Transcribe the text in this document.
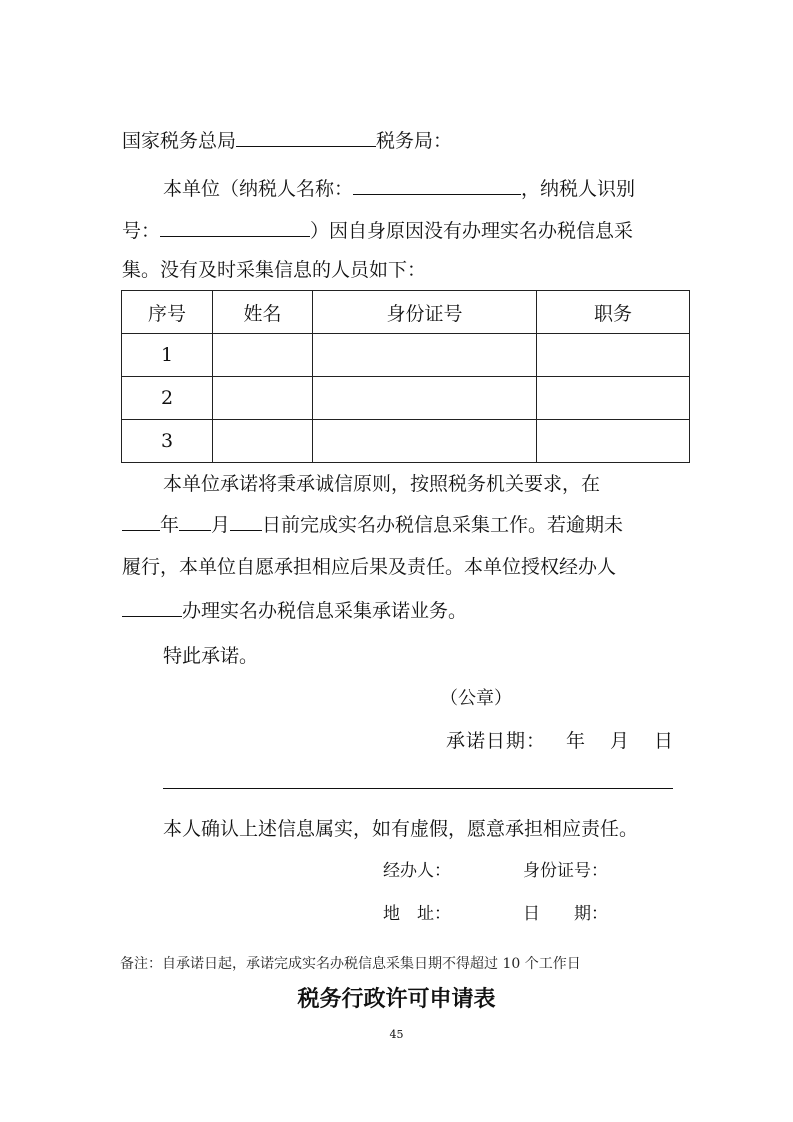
国家税务总局	税务局：
本单位（纳税人名称：	，纳税人识别
号：	）因自身原因没有办理实名办税信息采
集。没有及时采集信息的人员如下：
序号	姓名	身份证号	职务
1			
2			
3			
本单位承诺将秉承诚信原则，按照税务机关要求，在
年 月 日前完成实名办税信息采集工作。若逾期未
履行，本单位自愿承担相应后果及责任。本单位授权经办人
办理实名办税信息采集承诺业务。
特此承诺。
（公章）
承诺日期： 年 月 日
本人确认上述信息属实，如有虚假，愿意承担相应责任。
经办人：	身份证号：
地　址：	日　　期：
备注：自承诺日起，承诺完成实名办税信息采集日期不得超过 10 个工作日
税务行政许可申请表
45
